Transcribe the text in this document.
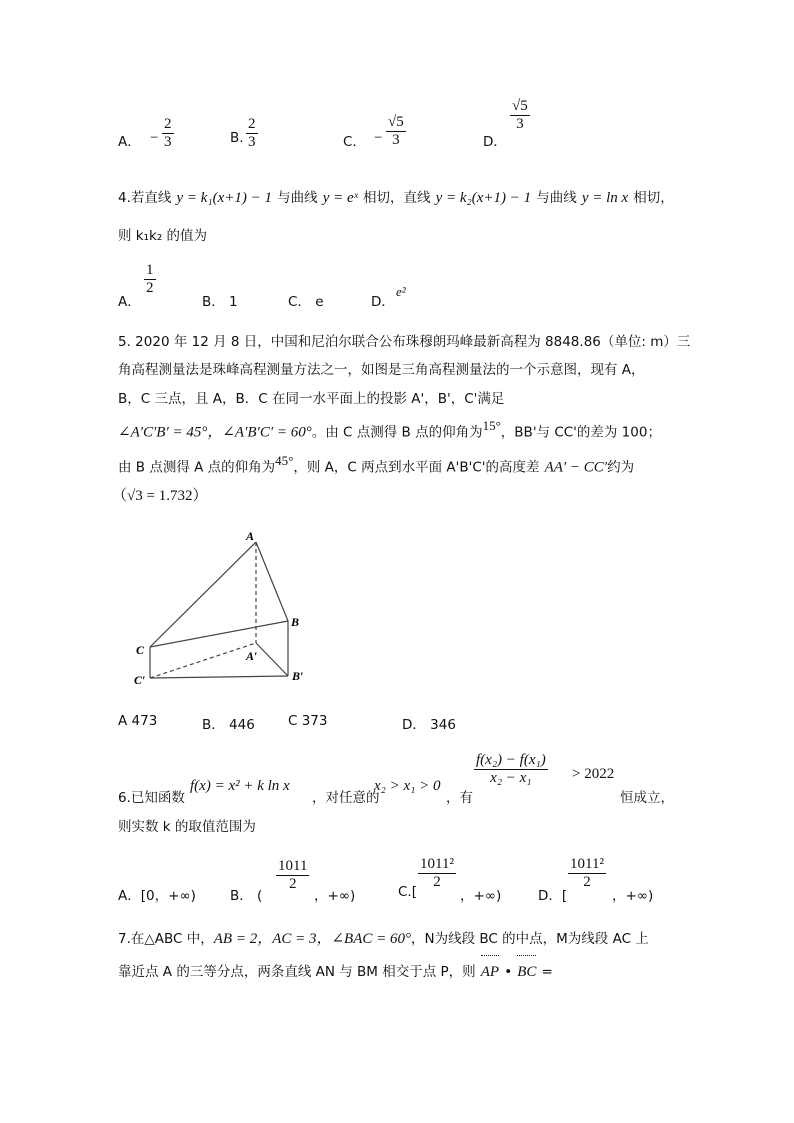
A． − $\frac{2}{3}$	B. $\frac{2}{3}$	C． − $\frac{√5}{3}$	D．
$\frac{√5}{3}$
4.若直线 y = k₁(x+1) − 1 与曲线 y = eˣ 相切，直线 y = k₂(x+1) − 1 与曲线 y = ln x 相切，
则 k₁k₂ 的值为
A．
$\frac{1}{2}$
B． 1	C． e	D．
e²
5. 2020 年 12 月 8 日，中国和尼泊尔联合公布珠穆朗玛峰最新高程为 8848.86（单位: m）三
角高程测量法是珠峰高程测量方法之一，如图是三角高程测量法的一个示意图，现有 A，
B，C 三点，且 A，B．C 在同一水平面上的投影 A'，B'，C'满足
∠A′C′B′ = 45°，∠A′B′C′ = 60°。由 C 点测得 B 点的仰角为$^{15^\circ}$，BB'与 CC'的差为 100；
由 B 点测得 A 点的仰角为$^{45^\circ}$，则 A，C 两点到水平面 A'B'C'的高度差 AA′ − CC′约为
（√3 = 1.732）
A
B
C	A′
B′
C′
A 473	B． 446 C 373	D． 346
6.已知函数
f(x) = x² + k ln x
，对任意的
x₂ > x₁ > 0
，有
$\frac{\text{f(x₂) − f(x₁)}}{\text{x₂ − x₁}} > 2022$
恒成立，
则实数 k 的取值范围为
A．[0，+∞)	B． (
$\frac{1011}{2}$
，+∞)	C.[
$\frac{\text{1011²}}{2}$
，+∞)	D．[
$\frac{\text{1011²}}{2}$
，+∞)
7.在△ABC 中，AB = 2，AC = 3，∠BAC = 60°，N为线段 BC 的中点，M为线段 AC 上
靠近点 A 的三等分点，两条直线 AN 与 BM 相交于点 P，则 AP • BC =
